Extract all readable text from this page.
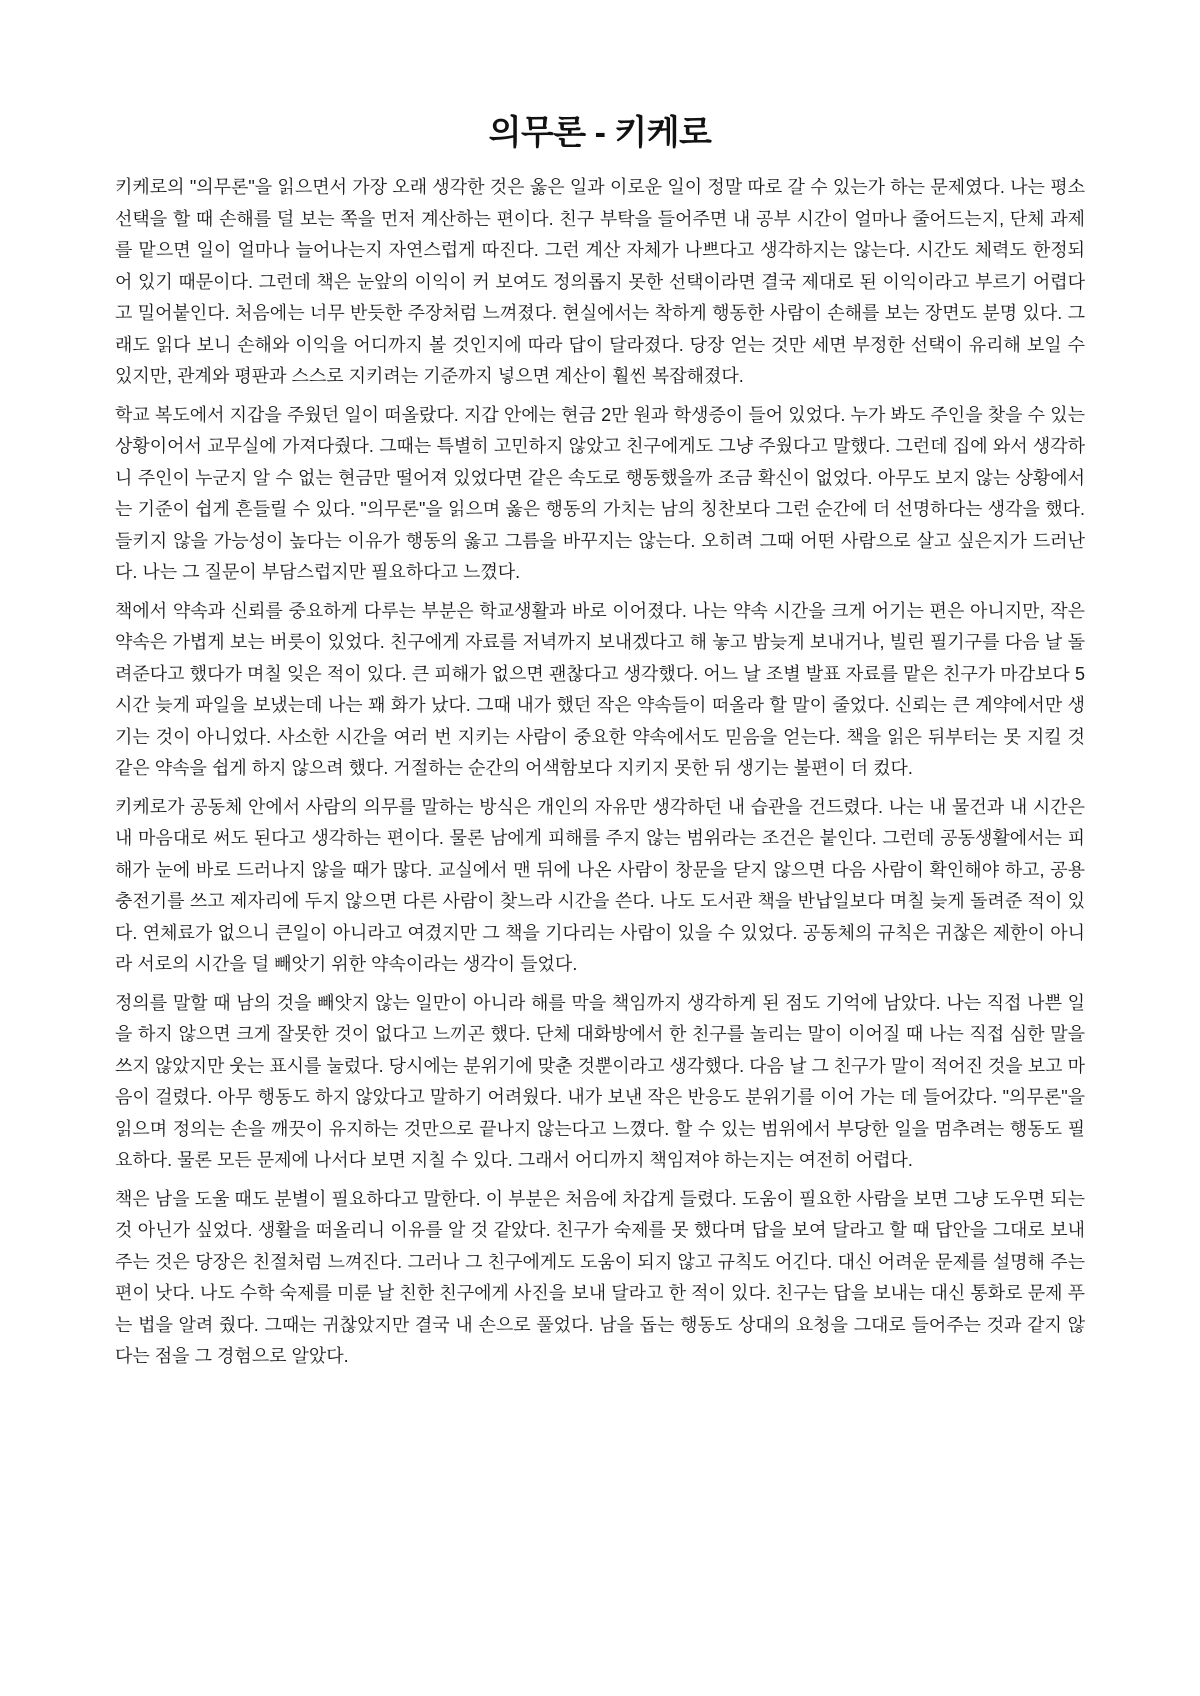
의무론 - 키케로

키케로의 "의무론"을 읽으면서 가장 오래 생각한 것은 옳은 일과 이로운 일이 정말 따로 갈 수 있는가 하는 문제였다. 나는 평소 선택을 할 때 손해를 덜 보는 쪽을 먼저 계산하는 편이다. 친구 부탁을 들어주면 내 공부 시간이 얼마나 줄어드는지, 단체 과제를 맡으면 일이 얼마나 늘어나는지 자연스럽게 따진다. 그런 계산 자체가 나쁘다고 생각하지는 않는다. 시간도 체력도 한정되어 있기 때문이다. 그런데 책은 눈앞의 이익이 커 보여도 정의롭지 못한 선택이라면 결국 제대로 된 이익이라고 부르기 어렵다고 밀어붙인다. 처음에는 너무 반듯한 주장처럼 느껴졌다. 현실에서는 착하게 행동한 사람이 손해를 보는 장면도 분명 있다. 그래도 읽다 보니 손해와 이익을 어디까지 볼 것인지에 따라 답이 달라졌다. 당장 얻는 것만 세면 부정한 선택이 유리해 보일 수 있지만, 관계와 평판과 스스로 지키려는 기준까지 넣으면 계산이 훨씬 복잡해졌다.

학교 복도에서 지갑을 주웠던 일이 떠올랐다. 지갑 안에는 현금 2만 원과 학생증이 들어 있었다. 누가 봐도 주인을 찾을 수 있는 상황이어서 교무실에 가져다줬다. 그때는 특별히 고민하지 않았고 친구에게도 그냥 주웠다고 말했다. 그런데 집에 와서 생각하니 주인이 누군지 알 수 없는 현금만 떨어져 있었다면 같은 속도로 행동했을까 조금 확신이 없었다. 아무도 보지 않는 상황에서는 기준이 쉽게 흔들릴 수 있다. "의무론"을 읽으며 옳은 행동의 가치는 남의 칭찬보다 그런 순간에 더 선명하다는 생각을 했다. 들키지 않을 가능성이 높다는 이유가 행동의 옳고 그름을 바꾸지는 않는다. 오히려 그때 어떤 사람으로 살고 싶은지가 드러난다. 나는 그 질문이 부담스럽지만 필요하다고 느꼈다.

책에서 약속과 신뢰를 중요하게 다루는 부분은 학교생활과 바로 이어졌다. 나는 약속 시간을 크게 어기는 편은 아니지만, 작은 약속은 가볍게 보는 버릇이 있었다. 친구에게 자료를 저녁까지 보내겠다고 해 놓고 밤늦게 보내거나, 빌린 필기구를 다음 날 돌려준다고 했다가 며칠 잊은 적이 있다. 큰 피해가 없으면 괜찮다고 생각했다. 어느 날 조별 발표 자료를 맡은 친구가 마감보다 5시간 늦게 파일을 보냈는데 나는 꽤 화가 났다. 그때 내가 했던 작은 약속들이 떠올라 할 말이 줄었다. 신뢰는 큰 계약에서만 생기는 것이 아니었다. 사소한 시간을 여러 번 지키는 사람이 중요한 약속에서도 믿음을 얻는다. 책을 읽은 뒤부터는 못 지킬 것 같은 약속을 쉽게 하지 않으려 했다. 거절하는 순간의 어색함보다 지키지 못한 뒤 생기는 불편이 더 컸다.

키케로가 공동체 안에서 사람의 의무를 말하는 방식은 개인의 자유만 생각하던 내 습관을 건드렸다. 나는 내 물건과 내 시간은 내 마음대로 써도 된다고 생각하는 편이다. 물론 남에게 피해를 주지 않는 범위라는 조건은 붙인다. 그런데 공동생활에서는 피해가 눈에 바로 드러나지 않을 때가 많다. 교실에서 맨 뒤에 나온 사람이 창문을 닫지 않으면 다음 사람이 확인해야 하고, 공용 충전기를 쓰고 제자리에 두지 않으면 다른 사람이 찾느라 시간을 쓴다. 나도 도서관 책을 반납일보다 며칠 늦게 돌려준 적이 있다. 연체료가 없으니 큰일이 아니라고 여겼지만 그 책을 기다리는 사람이 있을 수 있었다. 공동체의 규칙은 귀찮은 제한이 아니라 서로의 시간을 덜 빼앗기 위한 약속이라는 생각이 들었다.

정의를 말할 때 남의 것을 빼앗지 않는 일만이 아니라 해를 막을 책임까지 생각하게 된 점도 기억에 남았다. 나는 직접 나쁜 일을 하지 않으면 크게 잘못한 것이 없다고 느끼곤 했다. 단체 대화방에서 한 친구를 놀리는 말이 이어질 때 나는 직접 심한 말을 쓰지 않았지만 웃는 표시를 눌렀다. 당시에는 분위기에 맞춘 것뿐이라고 생각했다. 다음 날 그 친구가 말이 적어진 것을 보고 마음이 걸렸다. 아무 행동도 하지 않았다고 말하기 어려웠다. 내가 보낸 작은 반응도 분위기를 이어 가는 데 들어갔다. "의무론"을 읽으며 정의는 손을 깨끗이 유지하는 것만으로 끝나지 않는다고 느꼈다. 할 수 있는 범위에서 부당한 일을 멈추려는 행동도 필요하다. 물론 모든 문제에 나서다 보면 지칠 수 있다. 그래서 어디까지 책임져야 하는지는 여전히 어렵다.

책은 남을 도울 때도 분별이 필요하다고 말한다. 이 부분은 처음에 차갑게 들렸다. 도움이 필요한 사람을 보면 그냥 도우면 되는 것 아닌가 싶었다. 생활을 떠올리니 이유를 알 것 같았다. 친구가 숙제를 못 했다며 답을 보여 달라고 할 때 답안을 그대로 보내 주는 것은 당장은 친절처럼 느껴진다. 그러나 그 친구에게도 도움이 되지 않고 규칙도 어긴다. 대신 어려운 문제를 설명해 주는 편이 낫다. 나도 수학 숙제를 미룬 날 친한 친구에게 사진을 보내 달라고 한 적이 있다. 친구는 답을 보내는 대신 통화로 문제 푸는 법을 알려 줬다. 그때는 귀찮았지만 결국 내 손으로 풀었다. 남을 돕는 행동도 상대의 요청을 그대로 들어주는 것과 같지 않다는 점을 그 경험으로 알았다.
